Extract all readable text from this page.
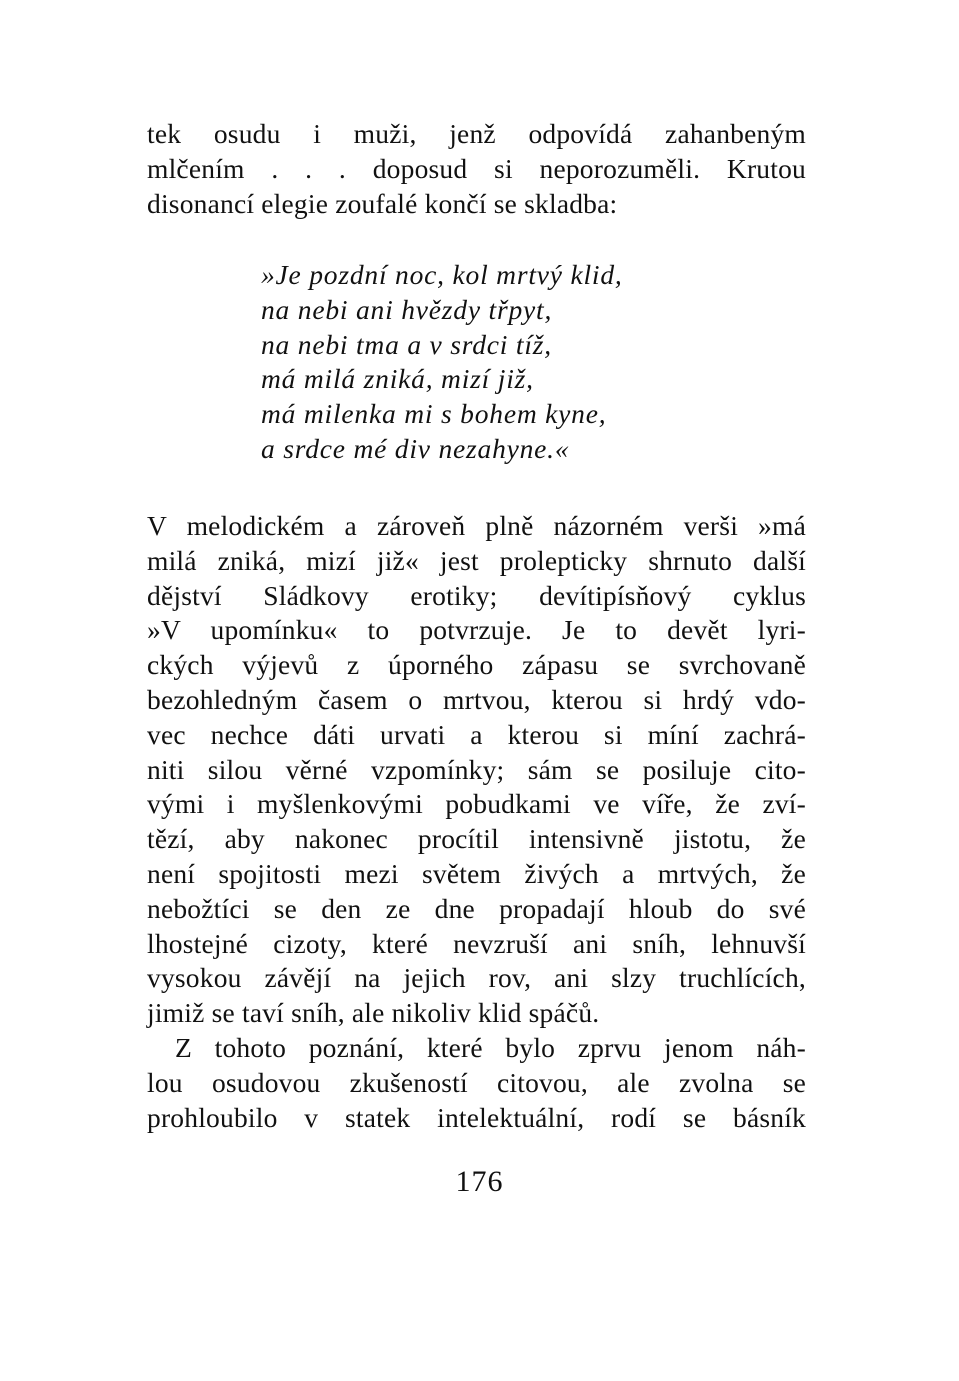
tek osudu i muži, jenž odpovídá zahanbeným
mlčením . . . doposud si neporozuměli. Krutou
disonancí elegie zoufalé končí se skladba:
»Je pozdní noc, kol mrtvý klid,
na nebi ani hvězdy třpyt,
na nebi tma a v srdci tíž,
má milá zniká, mizí již,
má milenka mi s bohem kyne,
a srdce mé div nezahyne.«
V melodickém a zároveň plně názorném verši »má
milá zniká, mizí již« jest prolepticky shrnuto další
dějství Sládkovy erotiky; devítipísňový cyklus
»V upomínku« to potvrzuje. Je to devět lyri-
ckých výjevů z úporného zápasu se svrchovaně
bezohledným časem o mrtvou, kterou si hrdý vdo-
vec nechce dáti urvati a kterou si míní zachrá-
niti silou věrné vzpomínky; sám se posiluje cito-
vými i myšlenkovými pobudkami ve víře, že zví-
tězí, aby nakonec procítil intensivně jistotu, že
není spojitosti mezi světem živých a mrtvých, že
nebožtíci se den ze dne propadají hloub do své
lhostejné cizoty, které nevzruší ani sníh, lehnuvší
vysokou závějí na jejich rov, ani slzy truchlících,
jimiž se taví sníh, ale nikoliv klid spáčů.
Z tohoto poznání, které bylo zprvu jenom náh-
lou osudovou zkušeností citovou, ale zvolna se
prohloubilo v statek intelektuální, rodí se básník
176
